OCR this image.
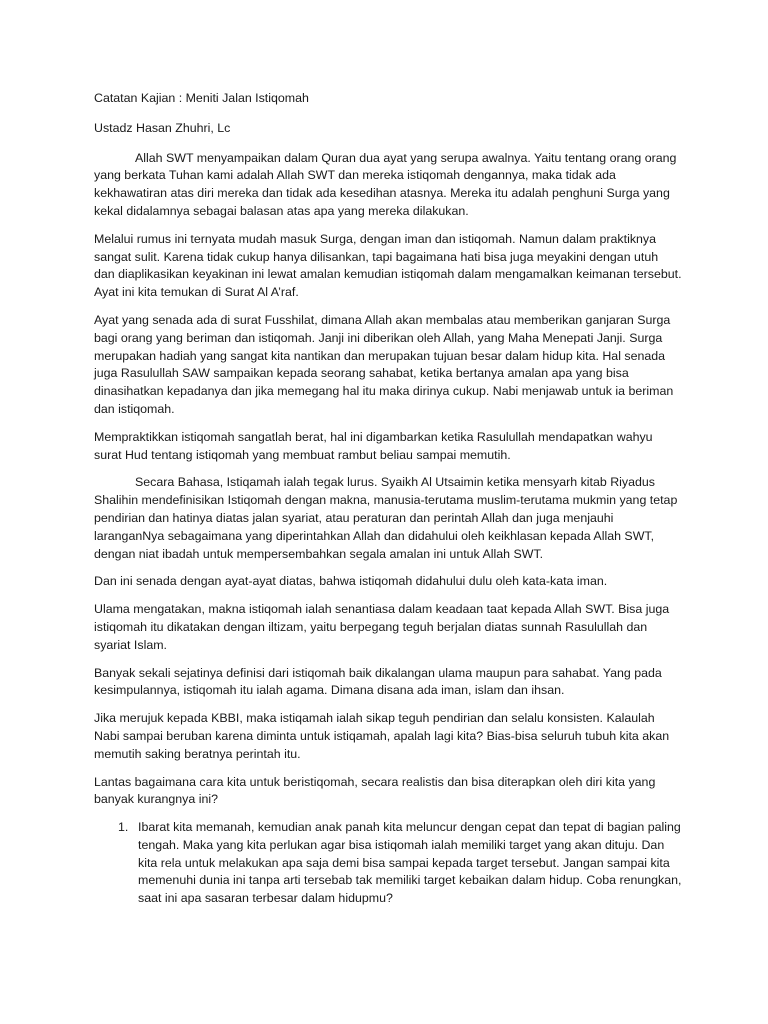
Catatan Kajian : Meniti Jalan Istiqomah

Ustadz Hasan Zhuhri, Lc

Allah SWT menyampaikan dalam Quran dua ayat yang serupa awalnya. Yaitu tentang orang orang yang berkata Tuhan kami adalah Allah SWT dan mereka istiqomah dengannya, maka tidak ada kekhawatiran atas diri mereka dan tidak ada kesedihan atasnya. Mereka itu adalah penghuni Surga yang kekal didalamnya sebagai balasan atas apa yang mereka dilakukan.

Melalui rumus ini ternyata mudah masuk Surga, dengan iman dan istiqomah. Namun dalam praktiknya sangat sulit. Karena tidak cukup hanya dilisankan, tapi bagaimana hati bisa juga meyakini dengan utuh dan diaplikasikan keyakinan ini lewat amalan kemudian istiqomah dalam mengamalkan keimanan tersebut. Ayat ini kita temukan di Surat Al A’raf.

Ayat yang senada ada di surat Fusshilat, dimana Allah akan membalas atau memberikan ganjaran Surga bagi orang yang beriman dan istiqomah. Janji ini diberikan oleh Allah, yang Maha Menepati Janji. Surga merupakan hadiah yang sangat kita nantikan dan merupakan tujuan besar dalam hidup kita. Hal senada juga Rasulullah SAW sampaikan kepada seorang sahabat, ketika bertanya amalan apa yang bisa dinasihatkan kepadanya dan jika memegang hal itu maka dirinya cukup. Nabi menjawab untuk ia beriman dan istiqomah.

Mempraktikkan istiqomah sangatlah berat, hal ini digambarkan ketika Rasulullah mendapatkan wahyu surat Hud tentang istiqomah yang membuat rambut beliau sampai memutih.

Secara Bahasa, Istiqamah ialah tegak lurus. Syaikh Al Utsaimin ketika mensyarh kitab Riyadus Shalihin mendefinisikan Istiqomah dengan makna, manusia-terutama muslim-terutama mukmin yang tetap pendirian dan hatinya diatas jalan syariat, atau peraturan dan perintah Allah dan juga menjauhi laranganNya sebagaimana yang diperintahkan Allah dan didahului oleh keikhlasan kepada Allah SWT, dengan niat ibadah untuk mempersembahkan segala amalan ini untuk Allah SWT.

Dan ini senada dengan ayat-ayat diatas, bahwa istiqomah didahului dulu oleh kata-kata iman.

Ulama mengatakan, makna istiqomah ialah senantiasa dalam keadaan taat kepada Allah SWT. Bisa juga istiqomah itu dikatakan dengan iltizam, yaitu berpegang teguh berjalan diatas sunnah Rasulullah dan syariat Islam.

Banyak sekali sejatinya definisi dari istiqomah baik dikalangan ulama maupun para sahabat. Yang pada kesimpulannya, istiqomah itu ialah agama. Dimana disana ada iman, islam dan ihsan.

Jika merujuk kepada KBBI, maka istiqamah ialah sikap teguh pendirian dan selalu konsisten. Kalaulah Nabi sampai beruban karena diminta untuk istiqamah, apalah lagi kita? Bias-bisa seluruh tubuh kita akan memutih saking beratnya perintah itu.

Lantas bagaimana cara kita untuk beristiqomah, secara realistis dan bisa diterapkan oleh diri kita yang banyak kurangnya ini?

1. Ibarat kita memanah, kemudian anak panah kita meluncur dengan cepat dan tepat di bagian paling tengah. Maka yang kita perlukan agar bisa istiqomah ialah memiliki target yang akan dituju. Dan kita rela untuk melakukan apa saja demi bisa sampai kepada target tersebut. Jangan sampai kita memenuhi dunia ini tanpa arti tersebab tak memiliki target kebaikan dalam hidup. Coba renungkan, saat ini apa sasaran terbesar dalam hidupmu?
